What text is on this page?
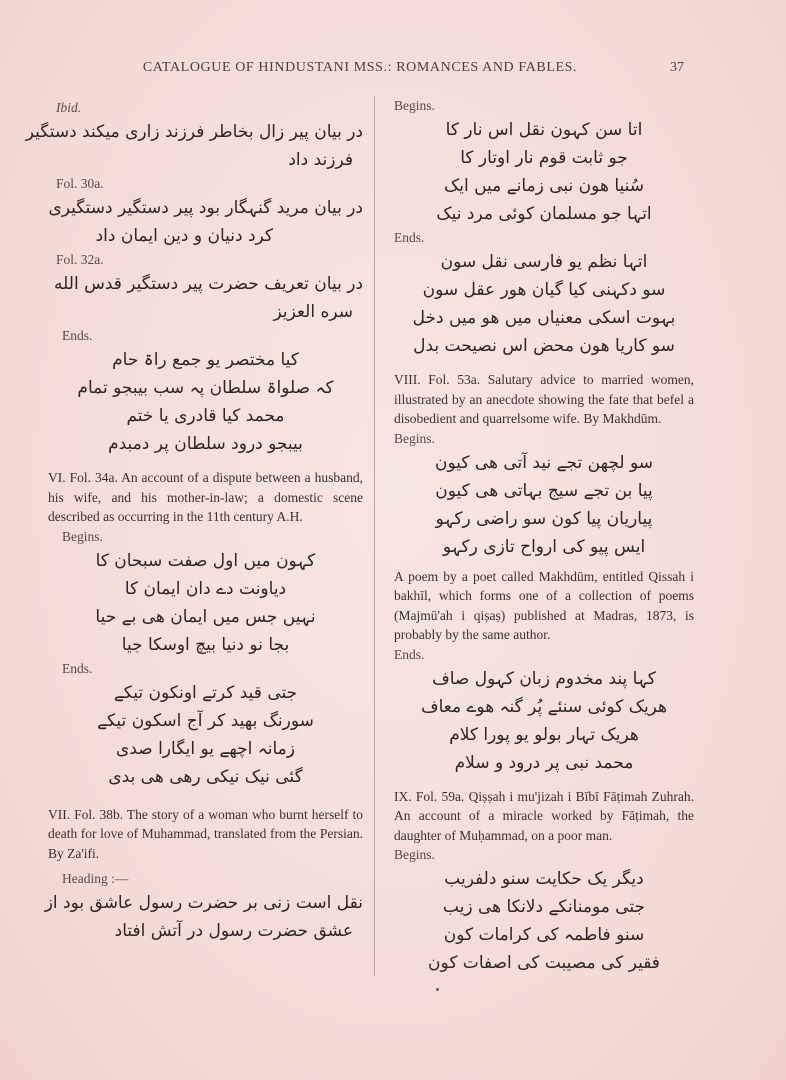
CATALOGUE OF HINDUSTANI MSS.: ROMANCES AND FABLES.	37
Ibid.
در بیان پیر زال بخاطر فرزند زاری میکند دستگیر
فرزند داد
Fol. 30a.
در بیان مرید گنہگار بود پیر دستگیر دستگیری
کرد دنیان و دین ایمان داد
Fol. 32a.
در بیان تعریف حضرت پیر دستگیر قدس الله
سره العزیز
Ends.
کیا مختصر یو جمع راۃ حام
کہ صلواۃ سلطان پہ سب بیبجو تمام
محمد کیا قادری یا ختم
بیبجو درود سلطان پر دمبدم
VI. Fol. 34a. An account of a dispute between a husband, his wife, and his mother-in-law; a domestic scene described as occurring in the 11th century A.H.
Begins.
کہون میں اول صفت سبحان کا
دیاونت دے دان ایمان کا
نہیں جس میں ایمان هی بے حیا
بجا نو دنیا بیچ اوسکا جیا
Ends.
جتی قید کرتے اونکون تیکے
سورنگ بهید کر آج اسکون تیکے
زمانہ اچھے یو ایگارا صدی
گئی نیک نیکی رهی هی بدی
VII. Fol. 38b. The story of a woman who burnt herself to death for love of Muhammad, translated from the Persian. By Za'ifi.
Heading :—
نقل است زنی بر حضرت رسول عاشق بود از
عشق حضرت رسول در آتش افتاد
Begins.
اتا سن کہون نقل اس نار کا
جو ثابت قوم نار اوتار کا
سُنیا هون نبی زمانے میں ایک
اتہا جو مسلمان کوئی مرد نیک
Ends.
اتہا نظم یو فارسی نقل سون
سو دکہنی کیا گیان هور عقل سون
بہوت اسکی معنیاں میں هو میں دخل
سو کاریا هون محض اس نصیحت بدل
VIII. Fol. 53a. Salutary advice to married women, illustrated by an anecdote showing the fate that befel a disobedient and quarrelsome wife. By Makhdūm.
Begins.
سو لچهن تجے نید آتی هی کیون
پیا بن تجے سیج بہاتی هی کیون
پیاریان پیا کون سو راضی رکہو
ایس پیو کی ارواح تازی رکہو
A poem by a poet called Makhdūm, entitled Qissah i bakhīl, which forms one of a collection of poems (Majmū'ah i qiṣaṣ) published at Madras, 1873, is probably by the same author.
Ends.
کہا پند مخدوم زبان کہول صاف
هریک کوئی سنئے پُر گنہ هوے معاف
هریک تہار بولو یو پورا کلام
محمد نبی پر درود و سلام
IX. Fol. 59a. Qiṣṣah i mu'jizah i Bībī Fāṭimah Zuhrah. An account of a miracle worked by Fāṭimah, the daughter of Muḥammad, on a poor man.
Begins.
دیگر یک حکایت سنو دلفریب
جتی مومنانکے دلانکا هی زیب
سنو فاطمہ کی کرامات کون
فقیر کی مصیبت کی اصفات کون
